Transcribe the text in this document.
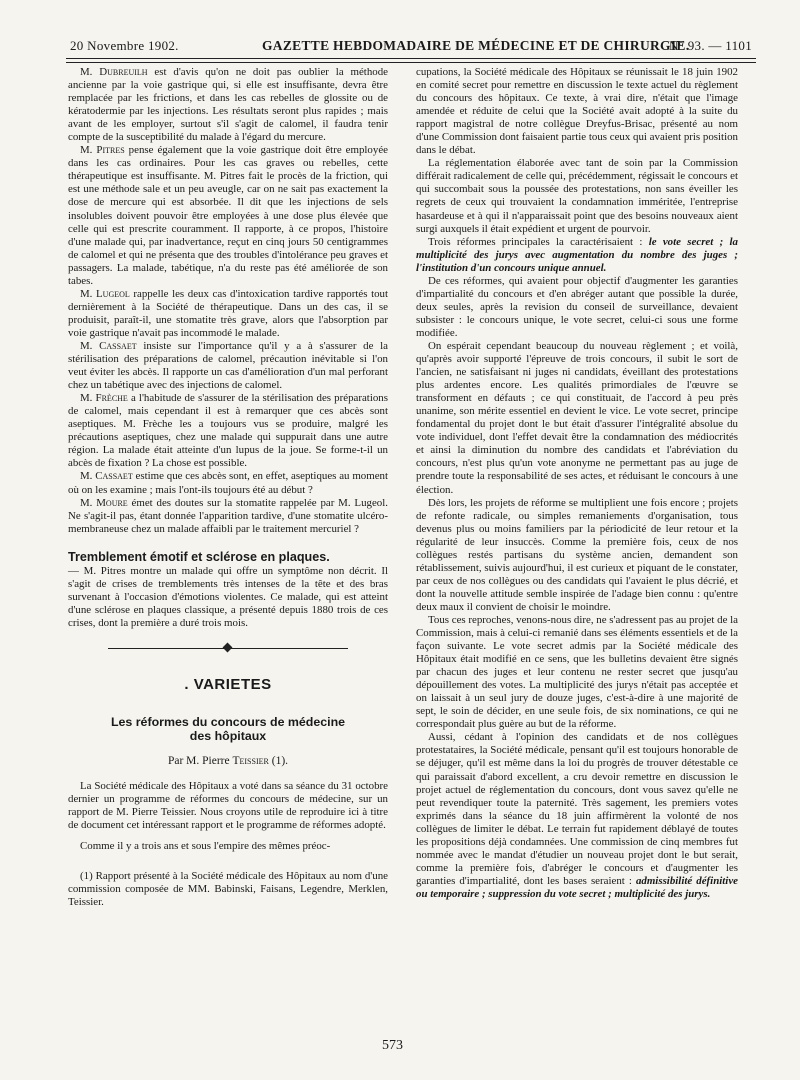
20 Novembre 1902.	GAZETTE HEBDOMADAIRE DE MÉDECINE ET DE CHIRURGIE.
N° 93. — 1101

M. Dubreuilh est d'avis qu'on ne doit pas oublier la méthode ancienne par la voie gastrique qui, si elle est insuffisante, devra être remplacée par les frictions, et dans les cas rebelles de glossite ou de kératodermie par les injections. Les résultats seront plus rapides ; mais avant de les employer, surtout s'il s'agit de calomel, il faudra tenir compte de la susceptibilité du malade à l'égard du mercure.

M. Pitres pense également que la voie gastrique doit être employée dans les cas ordinaires. Pour les cas graves ou rebelles, cette thérapeutique est insuffisante. M. Pitres fait le procès de la friction, qui est une méthode sale et un peu aveugle, car on ne sait pas exactement la dose de mercure qui est absorbée. Il dit que les injections de sels insolubles doivent pouvoir être employées à une dose plus élevée que celle qui est prescrite couramment. Il rapporte, à ce propos, l'histoire d'une malade qui, par inadvertance, reçut en cinq jours 50 centigrammes de calomel et qui ne présenta que des troubles d'intolérance peu graves et passagers. La malade, tabétique, n'a du reste pas été améliorée de son tabes.

M. Lugeol rappelle les deux cas d'intoxication tardive rapportés tout dernièrement à la Société de thérapeutique. Dans un des cas, il se produisit, paraît-il, une stomatite très grave, alors que l'absorption par voie gastrique n'avait pas incommodé le malade.

M. Cassaet insiste sur l'importance qu'il y a à s'assurer de la stérilisation des préparations de calomel, précaution inévitable si l'on veut éviter les abcès. Il rapporte un cas d'amélioration d'un mal perforant chez un tabétique avec des injections de calomel.

M. Frèche a l'habitude de s'assurer de la stérilisation des préparations de calomel, mais cependant il est à remarquer que ces abcès sont aseptiques. M. Frèche les a toujours vus se produire, malgré les précautions aseptiques, chez une malade qui suppurait dans une autre région. La malade était atteinte d'un lupus de la joue. Se forme-t-il un abcès de fixation ? La chose est possible.

M. Cassaet estime que ces abcès sont, en effet, aseptiques au moment où on les examine ; mais l'ont-ils toujours été au début ?

M. Moure émet des doutes sur la stomatite rappelée par M. Lugeol. Ne s'agit-il pas, étant donnée l'apparition tardive, d'une stomatite ulcéro-membraneuse chez un malade affaibli par le traitement mercuriel ?

Tremblement émotif et sclérose en plaques.

— M. Pitres montre un malade qui offre un symptôme non décrit. Il s'agit de crises de tremblements très intenses de la tête et des bras survenant à l'occasion d'émotions violentes. Ce malade, qui est atteint d'une sclérose en plaques classique, a présenté depuis 1880 trois de ces crises, dont la première a duré trois mois.

. VARIETES
Les réformes du concours de médecine
des hôpitaux
Par M. Pierre Teissier (1).

La Société médicale des Hôpitaux a voté dans sa séance du 31 octobre dernier un programme de réformes du concours de médecine, sur un rapport de M. Pierre Teissier. Nous croyons utile de reproduire ici à titre de document cet intéressant rapport et le programme de réformes adopté.

Comme il y a trois ans et sous l'empire des mêmes préoc-

(1) Rapport présenté à la Société médicale des Hôpitaux au nom d'une commission composée de MM. Babinski, Faisans, Legendre, Merklen, Teissier.

cupations, la Société médicale des Hôpitaux se réunissait le 18 juin 1902 en comité secret pour remettre en discussion le texte actuel du règlement du concours des hôpitaux. Ce texte, à vrai dire, n'était que l'image amendée et réduite de celui que la Société avait adopté à la suite du rapport magistral de notre collègue Dreyfus-Brisac, présenté au nom d'une Commission dont faisaient partie tous ceux qui avaient pris position dans le débat.

La réglementation élaborée avec tant de soin par la Commission différait radicalement de celle qui, précédemment, régissait le concours et qui succombait sous la poussée des protestations, non sans éveiller les regrets de ceux qui trouvaient la condamnation imméritée, l'entreprise hasardeuse et à qui il n'apparaissait point que des besoins nouveaux aient surgi auxquels il était expédient et urgent de pourvoir.

Trois réformes principales la caractérisaient : le vote secret ; la multiplicité des jurys avec augmentation du nombre des juges ; l'institution d'un concours unique annuel.

De ces réformes, qui avaient pour objectif d'augmenter les garanties d'impartialité du concours et d'en abréger autant que possible la durée, deux seules, après la revision du conseil de surveillance, devaient subsister : le concours unique, le vote secret, celui-ci sous une forme modifiée.

On espérait cependant beaucoup du nouveau règlement ; et voilà, qu'après avoir supporté l'épreuve de trois concours, il subit le sort de l'ancien, ne satisfaisant ni juges ni candidats, éveillant des protestations plus ardentes encore. Les qualités primordiales de l'œuvre se transforment en défauts ; ce qui constituait, de l'accord à peu près unanime, son mérite essentiel en devient le vice. Le vote secret, principe fondamental du projet dont le but était d'assurer l'intégralité absolue du vote individuel, dont l'effet devait être la condamnation des médiocrités et ainsi la diminution du nombre des candidats et l'abréviation du concours, n'est plus qu'un vote anonyme ne permettant pas au juge de prendre toute la responsabilité de ses actes, et réduisant le concours à une élection.

Dès lors, les projets de réforme se multiplient une fois encore ; projets de refonte radicale, ou simples remaniements d'organisation, tous devenus plus ou moins familiers par la périodicité de leur retour et la régularité de leur insuccès. Comme la première fois, ceux de nos collègues restés partisans du système ancien, demandent son rétablissement, suivis aujourd'hui, il est curieux et piquant de le constater, par ceux de nos collègues ou des candidats qui l'avaient le plus décrié, et dont la nouvelle attitude semble inspirée de l'adage bien connu : qu'entre deux maux il convient de choisir le moindre.

Tous ces reproches, venons-nous dire, ne s'adressent pas au projet de la Commission, mais à celui-ci remanié dans ses éléments essentiels et de la façon suivante. Le vote secret admis par la Société médicale des Hôpitaux était modifié en ce sens, que les bulletins devaient être signés par chacun des juges et leur contenu ne rester secret que jusqu'au dépouillement des votes. La multiplicité des jurys n'était pas acceptée et on laissait à un seul jury de douze juges, c'est-à-dire à une majorité de sept, le soin de décider, en une seule fois, de six nominations, ce qui ne correspondait plus guère au but de la réforme.

Aussi, cédant à l'opinion des candidats et de nos collègues protestataires, la Société médicale, pensant qu'il est toujours honorable de se déjuger, qu'il est même dans la loi du progrès de trouver détestable ce qui paraissait d'abord excellent, a cru devoir remettre en discussion le projet actuel de réglementation du concours, dont vous savez qu'elle ne peut revendiquer toute la paternité. Très sagement, les premiers votes exprimés dans la séance du 18 juin affirmèrent la volonté de nos collègues de limiter le débat. Le terrain fut rapidement déblayé de toutes les propositions déjà condamnées. Une commission de cinq membres fut nommée avec le mandat d'étudier un nouveau projet dont le but serait, comme la première fois, d'abréger le concours et d'augmenter les garanties d'impartialité, dont les bases seraient : admissibilité définitive ou temporaire ; suppression du vote secret ; multiplicité des jurys.

573
